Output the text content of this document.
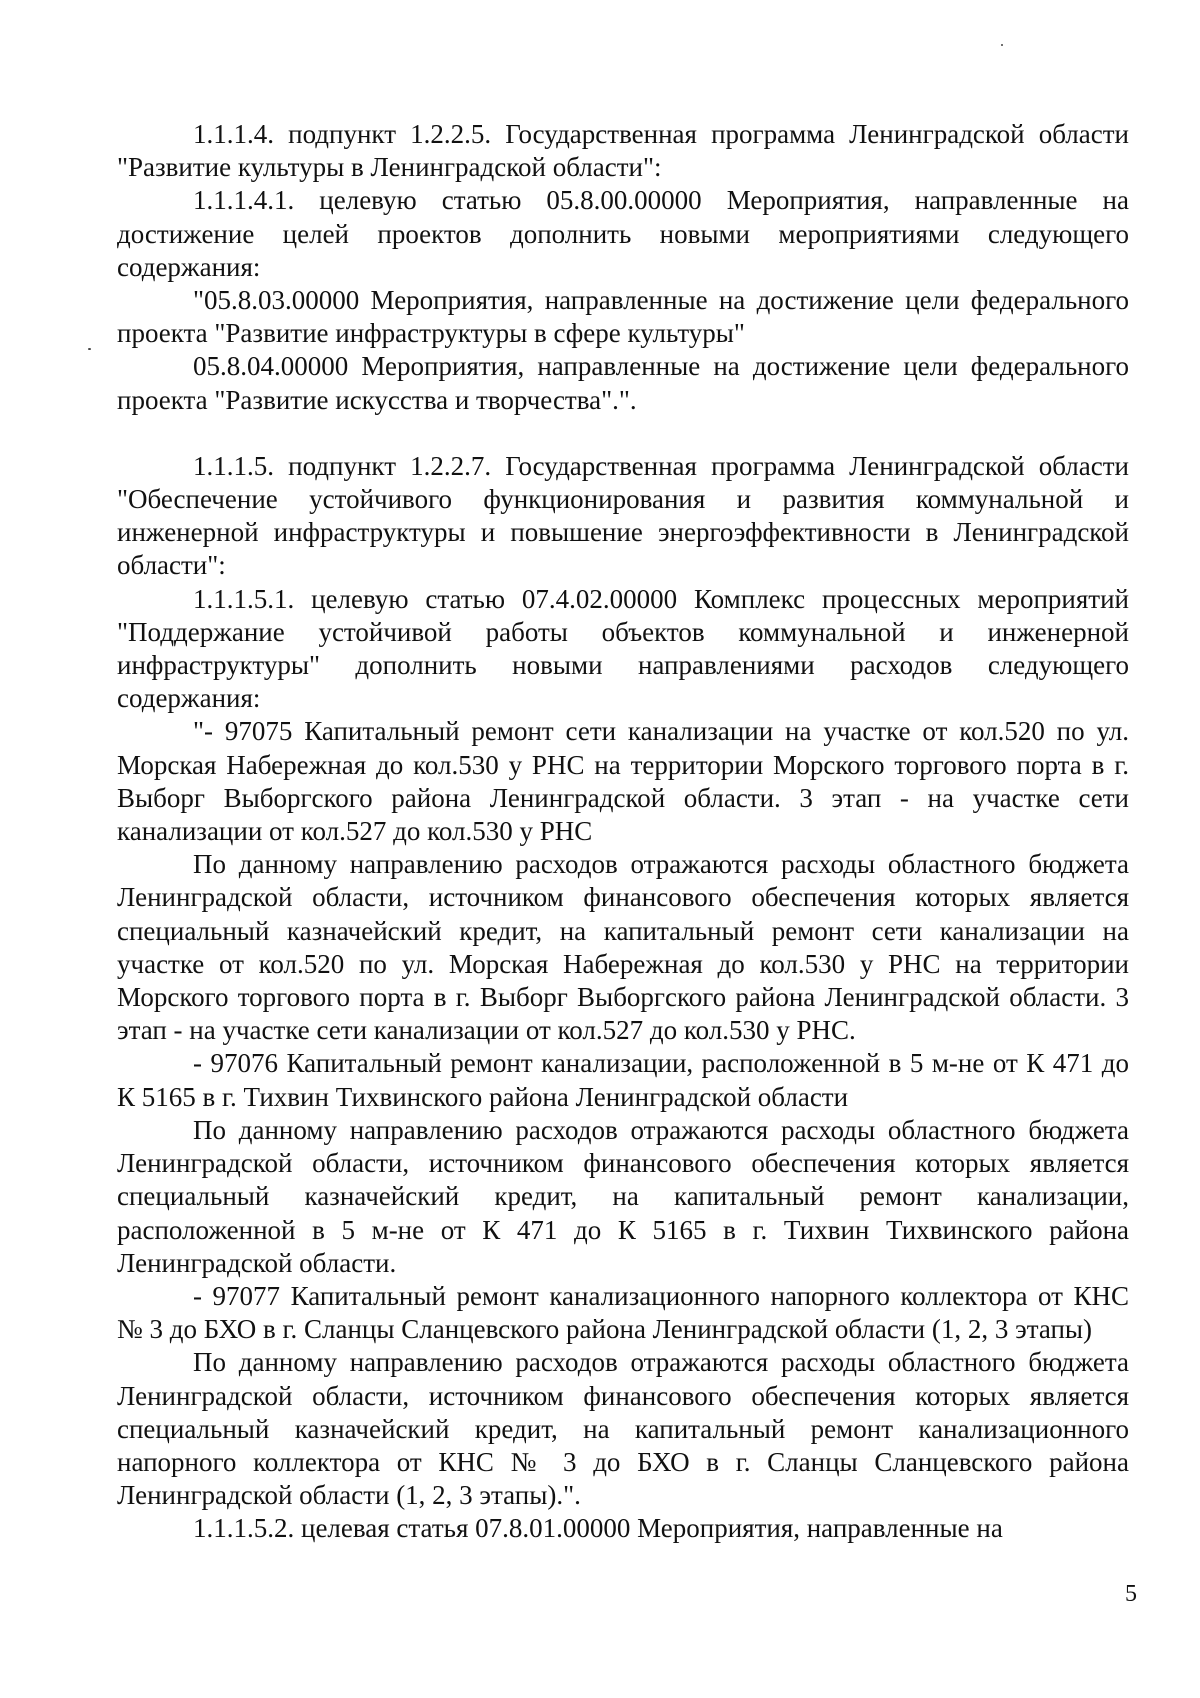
1.1.1.4. подпункт 1.2.2.5. Государственная программа Ленинградской области "Развитие культуры в Ленинградской области":

1.1.1.4.1. целевую статью 05.8.00.00000 Мероприятия, направленные на достижение целей проектов дополнить новыми мероприятиями следующего содержания:

"05.8.03.00000 Мероприятия, направленные на достижение цели федерального проекта "Развитие инфраструктуры в сфере культуры"

05.8.04.00000 Мероприятия, направленные на достижение цели федерального проекта "Развитие искусства и творчества".".

1.1.1.5. подпункт 1.2.2.7. Государственная программа Ленинградской области "Обеспечение устойчивого функционирования и развития коммунальной и инженерной инфраструктуры и повышение энергоэффективности в Ленинградской области":

1.1.1.5.1. целевую статью 07.4.02.00000 Комплекс процессных мероприятий "Поддержание устойчивой работы объектов коммунальной и инженерной инфраструктуры" дополнить новыми направлениями расходов следующего содержания:

"- 97075 Капитальный ремонт сети канализации на участке от кол.520 по ул. Морская Набережная до кол.530 у РНС на территории Морского торгового порта в г. Выборг Выборгского района Ленинградской области. 3 этап - на участке сети канализации от кол.527 до кол.530 у РНС

По данному направлению расходов отражаются расходы областного бюджета Ленинградской области, источником финансового обеспечения которых является специальный казначейский кредит, на капитальный ремонт сети канализации на участке от кол.520 по ул. Морская Набережная до кол.530 у РНС на территории Морского торгового порта в г. Выборг Выборгского района Ленинградской области. 3 этап - на участке сети канализации от кол.527 до кол.530 у РНС.

- 97076 Капитальный ремонт канализации, расположенной в 5 м-не от К 471 до К 5165 в г. Тихвин Тихвинского района Ленинградской области

По данному направлению расходов отражаются расходы областного бюджета Ленинградской области, источником финансового обеспечения которых является специальный казначейский кредит, на капитальный ремонт канализации, расположенной в 5 м-не от К 471 до К 5165 в г. Тихвин Тихвинского района Ленинградской области.

- 97077 Капитальный ремонт канализационного напорного коллектора от КНС № 3 до БХО в г. Сланцы Сланцевского района Ленинградской области (1, 2, 3 этапы)

По данному направлению расходов отражаются расходы областного бюджета Ленинградской области, источником финансового обеспечения которых является специальный казначейский кредит, на капитальный ремонт канализационного напорного коллектора от КНС № 3 до БХО в г. Сланцы Сланцевского района Ленинградской области (1, 2, 3 этапы).".

1.1.1.5.2. целевая статья 07.8.01.00000 Мероприятия, направленные на

5
